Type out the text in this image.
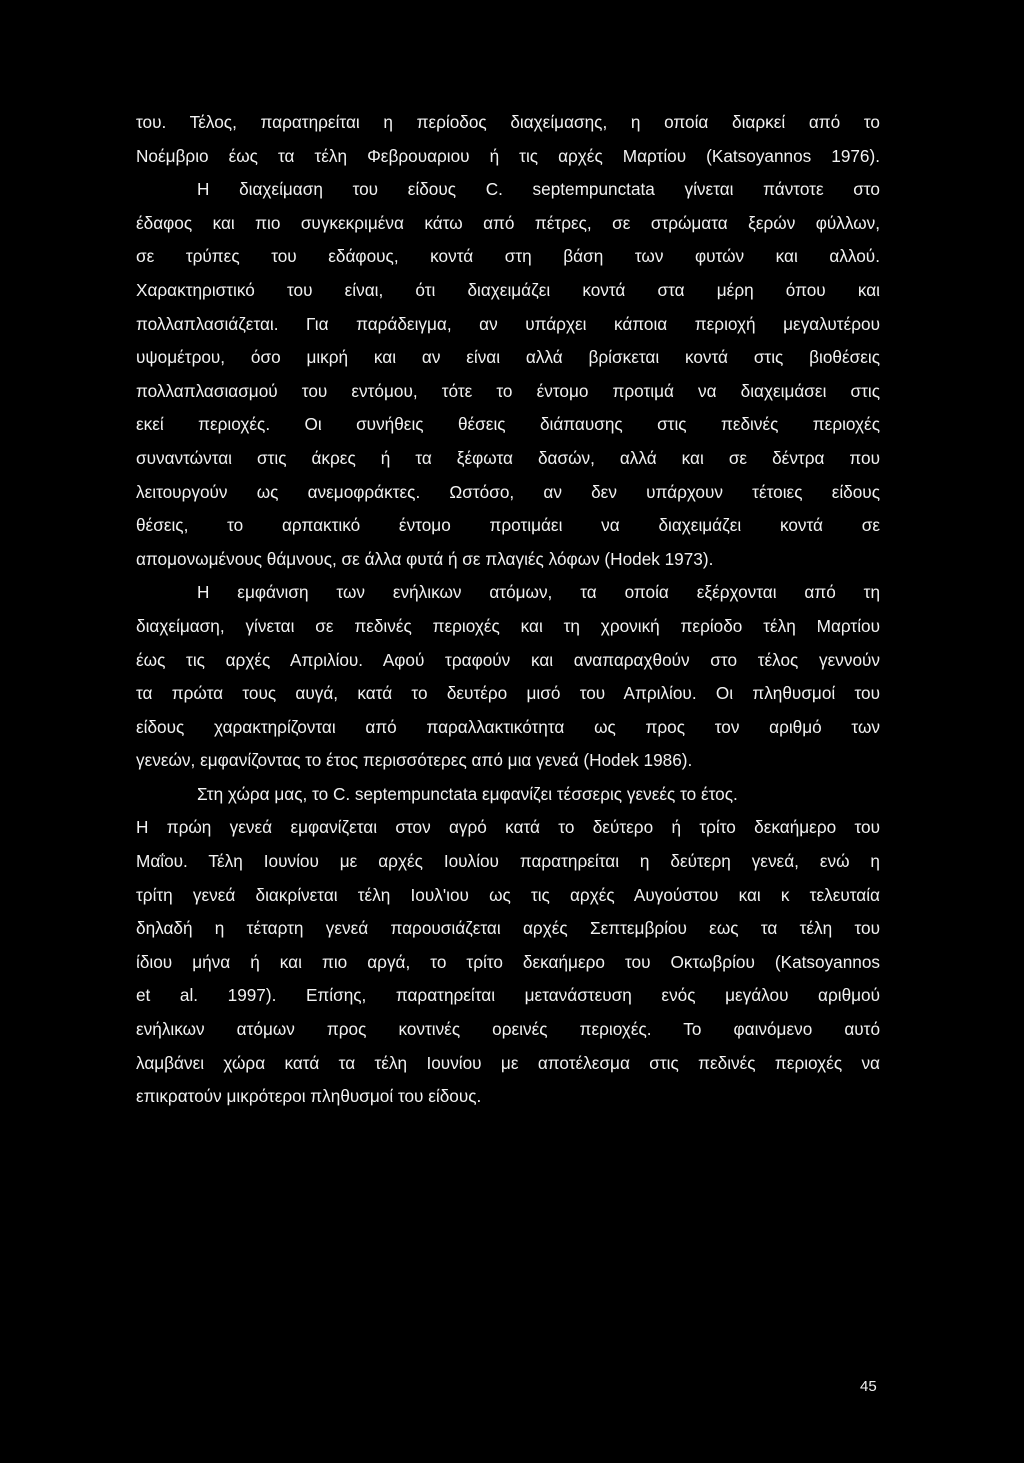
του. Τέλος, παρατηρείται η περίοδος διαχείμασης, η οποία διαρκεί από το
Νοέμβριο έως τα τέλη Φεβρουαριου ή τις αρχές Μαρτίου (Katsoyannos 1976).
Η διαχείμαση του είδους C. septempunctata γίνεται πάντοτε στο
έδαφος και πιο συγκεκριμένα κάτω από πέτρες, σε στρώματα ξερών φύλλων,
σε τρύπες του εδάφους, κοντά στη βάση των φυτών και αλλού.
Χαρακτηριστικό του είναι, ότι διαχειμάζει κοντά στα μέρη όπου και
πολλαπλασιάζεται. Για παράδειγμα, αν υπάρχει κάποια περιοχή μεγαλυτέρου
υψομέτρου, όσο μικρή και αν είναι αλλά βρίσκεται κοντά στις βιοθέσεις
πολλαπλασιασμού του εντόμου, τότε το έντομο προτιμά να διαχειμάσει στις
εκεί περιοχές. Οι συνήθεις θέσεις διάπαυσης στις πεδινές περιοχές
συναντώνται στις άκρες ή τα ξέφωτα δασών, αλλά και σε δέντρα που
λειτουργούν ως ανεμοφράκτες. Ωστόσο, αν δεν υπάρχουν τέτοιες είδους
θέσεις, το αρπακτικό έντομο προτιμάει να διαχειμάζει κοντά σε
απομονωμένους θάμνους, σε άλλα φυτά ή σε πλαγιές λόφων (Hodek 1973).
Η εμφάνιση των ενήλικων ατόμων, τα οποία εξέρχονται από τη
διαχείμαση, γίνεται σε πεδινές περιοχές και τη χρονική περίοδο τέλη Μαρτίου
έως τις αρχές Απριλίου. Αφού τραφούν και αναπαραχθούν στο τέλος γεννούν
τα πρώτα τους αυγά, κατά το δευτέρο μισό του Απριλίου. Οι πληθυσμοί του
είδους χαρακτηρίζονται από παραλλακτικότητα ως προς τον αριθμό των
γενεών, εμφανίζοντας το έτος περισσότερες από μια γενεά (Hodek 1986).
Στη χώρα μας, το C. septempunctata εμφανίζει τέσσερις γενεές το έτος.
Η πρώη γενεά εμφανίζεται στον αγρό κατά το δεύτερο ή τρίτο δεκαήμερο του
Μαΐου. Τέλη Ιουνίου με αρχές Ιουλίου παρατηρείται η δεύτερη γενεά, ενώ η
τρίτη γενεά διακρίνεται τέλη Ιουλ'ιου ως τις αρχές Αυγούστου και κ τελευταία
δηλαδή η τέταρτη γενεά παρουσιάζεται αρχές Σεπτεμβρίου εως τα τέλη του
ίδιου μήνα ή και πιο αργά, το τρίτο δεκαήμερο του Οκτωβρίου (Katsoyannos
et al. 1997). Επίσης, παρατηρείται μετανάστευση ενός μεγάλου αριθμού
ενήλικων ατόμων προς κοντινές ορεινές περιοχές. Το φαινόμενο αυτό
λαμβάνει χώρα κατά τα τέλη Ιουνίου με αποτέλεσμα στις πεδινές περιοχές να
επικρατούν μικρότεροι πληθυσμοί του είδους.
45
